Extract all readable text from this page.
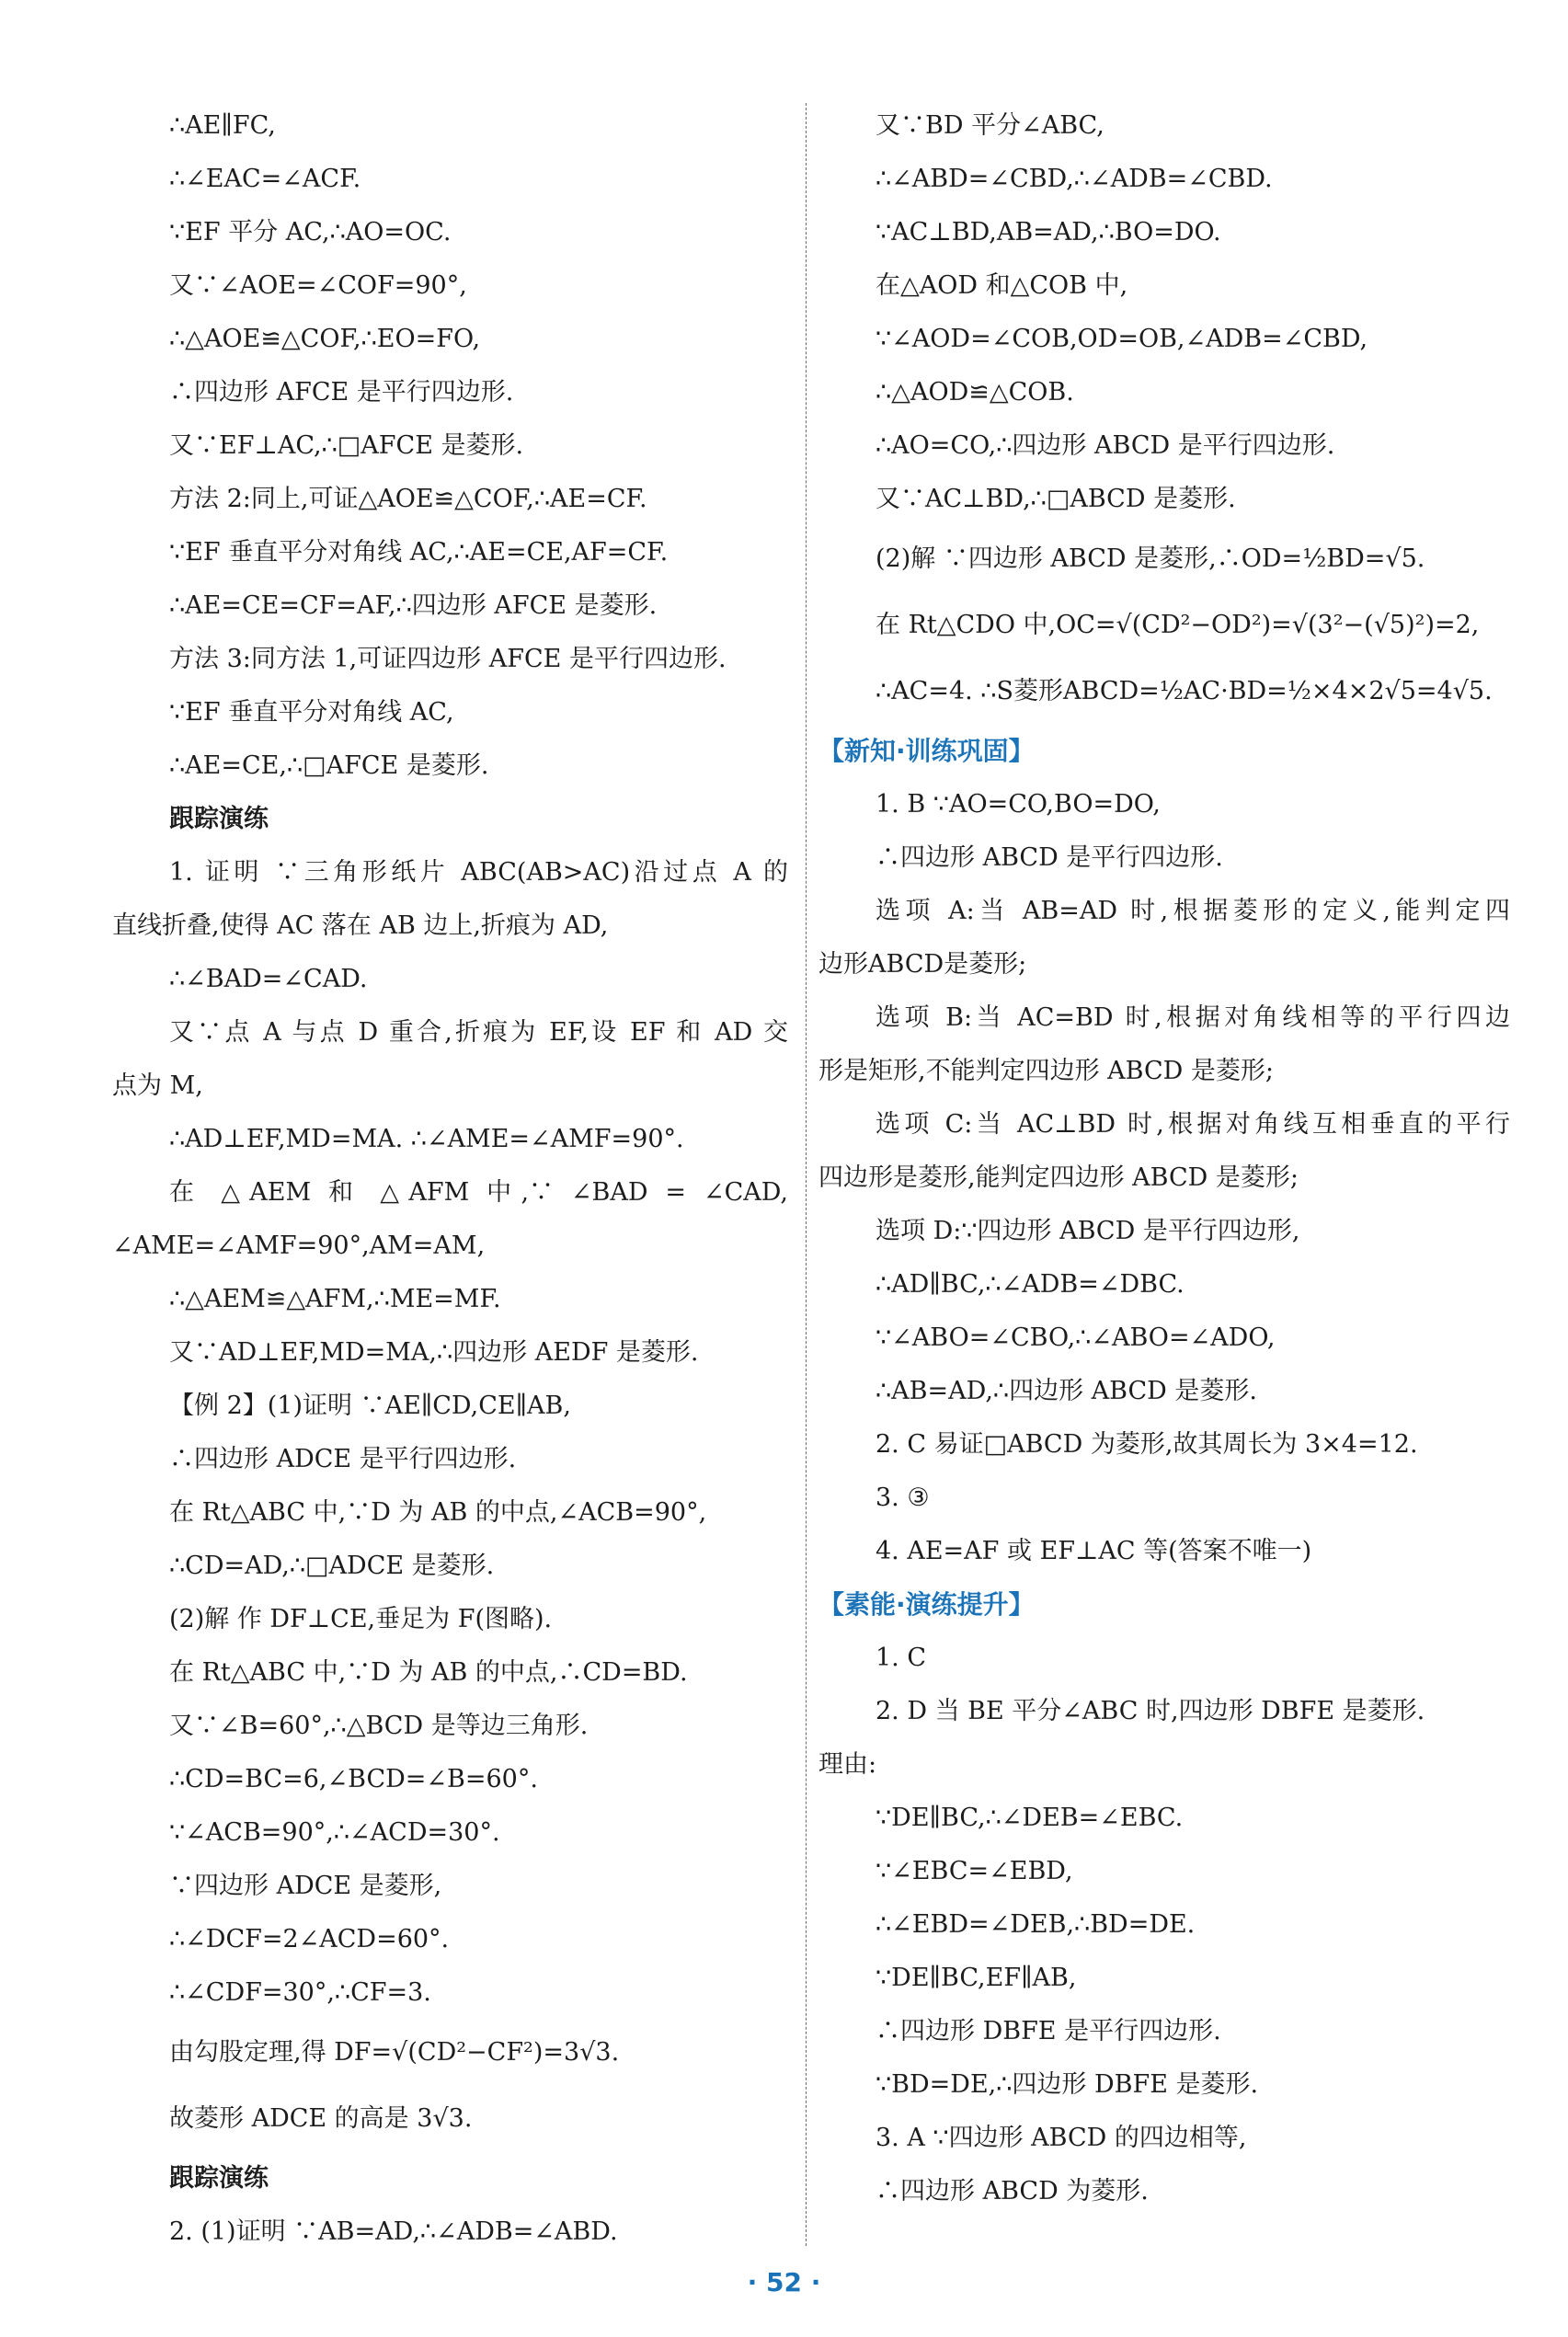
∴AE∥FC,
∴∠EAC=∠ACF.
∵EF 平分 AC,∴AO=OC.
又∵∠AOE=∠COF=90°,
∴△AOE≌△COF,∴EO=FO,
∴四边形 AFCE 是平行四边形.
又∵EF⊥AC,∴□AFCE 是菱形.
方法 2:同上,可证△AOE≌△COF,∴AE=CF.
∵EF 垂直平分对角线 AC,∴AE=CE,AF=CF.
∴AE=CE=CF=AF,∴四边形 AFCE 是菱形.
方法 3:同方法 1,可证四边形 AFCE 是平行四边形.
∵EF 垂直平分对角线 AC,
∴AE=CE,∴□AFCE 是菱形.
跟踪演练
1. 证明 ∵三角形纸片 ABC(AB>AC)沿过点 A 的
直线折叠,使得 AC 落在 AB 边上,折痕为 AD,
∴∠BAD=∠CAD.
又∵点 A 与点 D 重合,折痕为 EF,设 EF 和 AD 交
点为 M,
∴AD⊥EF,MD=MA. ∴∠AME=∠AMF=90°.
在 △AEM 和 △AFM 中,∵ ∠BAD = ∠CAD,
∠AME=∠AMF=90°,AM=AM,
∴△AEM≌△AFM,∴ME=MF.
又∵AD⊥EF,MD=MA,∴四边形 AEDF 是菱形.
【例 2】(1)证明 ∵AE∥CD,CE∥AB,
∴四边形 ADCE 是平行四边形.
在 Rt△ABC 中,∵D 为 AB 的中点,∠ACB=90°,
∴CD=AD,∴□ADCE 是菱形.
(2)解 作 DF⊥CE,垂足为 F(图略).
在 Rt△ABC 中,∵D 为 AB 的中点,∴CD=BD.
又∵∠B=60°,∴△BCD 是等边三角形.
∴CD=BC=6,∠BCD=∠B=60°.
∵∠ACB=90°,∴∠ACD=30°.
∵四边形 ADCE 是菱形,
∴∠DCF=2∠ACD=60°.
∴∠CDF=30°,∴CF=3.
由勾股定理,得 DF=√(CD²−CF²)=3√3.
故菱形 ADCE 的高是 3√3.
跟踪演练
2. (1)证明 ∵AB=AD,∴∠ADB=∠ABD.
又∵BD 平分∠ABC,
∴∠ABD=∠CBD,∴∠ADB=∠CBD.
∵AC⊥BD,AB=AD,∴BO=DO.
在△AOD 和△COB 中,
∵∠AOD=∠COB,OD=OB,∠ADB=∠CBD,
∴△AOD≌△COB.
∴AO=CO,∴四边形 ABCD 是平行四边形.
又∵AC⊥BD,∴□ABCD 是菱形.
(2)解 ∵四边形 ABCD 是菱形,∴OD=½BD=√5.
在 Rt△CDO 中,OC=√(CD²−OD²)=√(3²−(√5)²)=2,
∴AC=4. ∴S菱形ABCD=½AC·BD=½×4×2√5=4√5.
【新知·训练巩固】
1. B ∵AO=CO,BO=DO,
∴四边形 ABCD 是平行四边形.
选项 A:当 AB=AD 时,根据菱形的定义,能判定四
边形ABCD是菱形;
选项 B:当 AC=BD 时,根据对角线相等的平行四边
形是矩形,不能判定四边形 ABCD 是菱形;
选项 C:当 AC⊥BD 时,根据对角线互相垂直的平行
四边形是菱形,能判定四边形 ABCD 是菱形;
选项 D:∵四边形 ABCD 是平行四边形,
∴AD∥BC,∴∠ADB=∠DBC.
∵∠ABO=∠CBO,∴∠ABO=∠ADO,
∴AB=AD,∴四边形 ABCD 是菱形.
2. C 易证□ABCD 为菱形,故其周长为 3×4=12.
3. ③
4. AE=AF 或 EF⊥AC 等(答案不唯一)
【素能·演练提升】
1. C
2. D 当 BE 平分∠ABC 时,四边形 DBFE 是菱形.
理由:
∵DE∥BC,∴∠DEB=∠EBC.
∵∠EBC=∠EBD,
∴∠EBD=∠DEB,∴BD=DE.
∵DE∥BC,EF∥AB,
∴四边形 DBFE 是平行四边形.
∵BD=DE,∴四边形 DBFE 是菱形.
3. A ∵四边形 ABCD 的四边相等,
∴四边形 ABCD 为菱形.
· 52 ·
